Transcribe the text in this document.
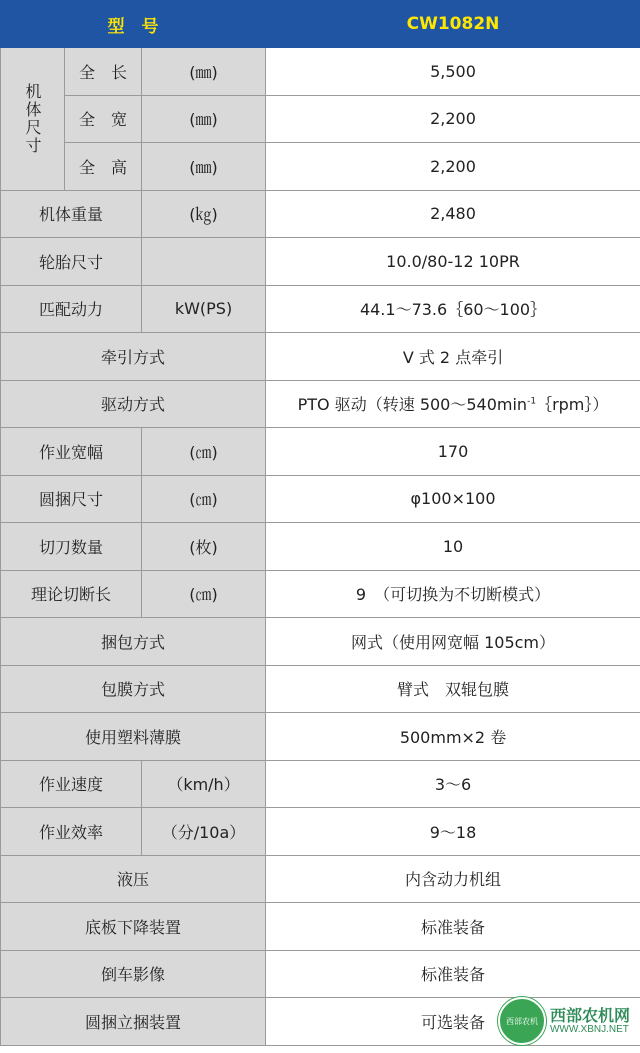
型　号			CW1082N
机体尺寸	全　长	(㎜)	5,500
	全　宽	(㎜)	2,200
	全　高	(㎜)	2,200
机体重量		(㎏)	2,480
轮胎尺寸			10.0/80-12 10PR
匹配动力		kW(PS)	44.1～73.6｛60～100｝
牵引方式			V 式 2 点牵引
驱动方式			PTO 驱动（转速 $500\sim 540\min^{-1}\{rpm\}$）
作业宽幅		(㎝)	170
圆捆尺寸		(㎝)	φ100×100
切刀数量		(枚)	10
理论切断长		(㎝)	9　（可切换为不切断模式）
捆包方式			网式（使用网宽幅 105cm）
包膜方式			臂式　双辊包膜
使用塑料薄膜			500mm×2 卷
作业速度		（km/h）	3～6
作业效率		（分/10a）	9～18
液压			内含动力机组
底板下降装置			标准装备
倒车影像			标准装备
圆捆立捆装置			可选装备	西部农机 西部农机网
WWW.XBNJ.NET
